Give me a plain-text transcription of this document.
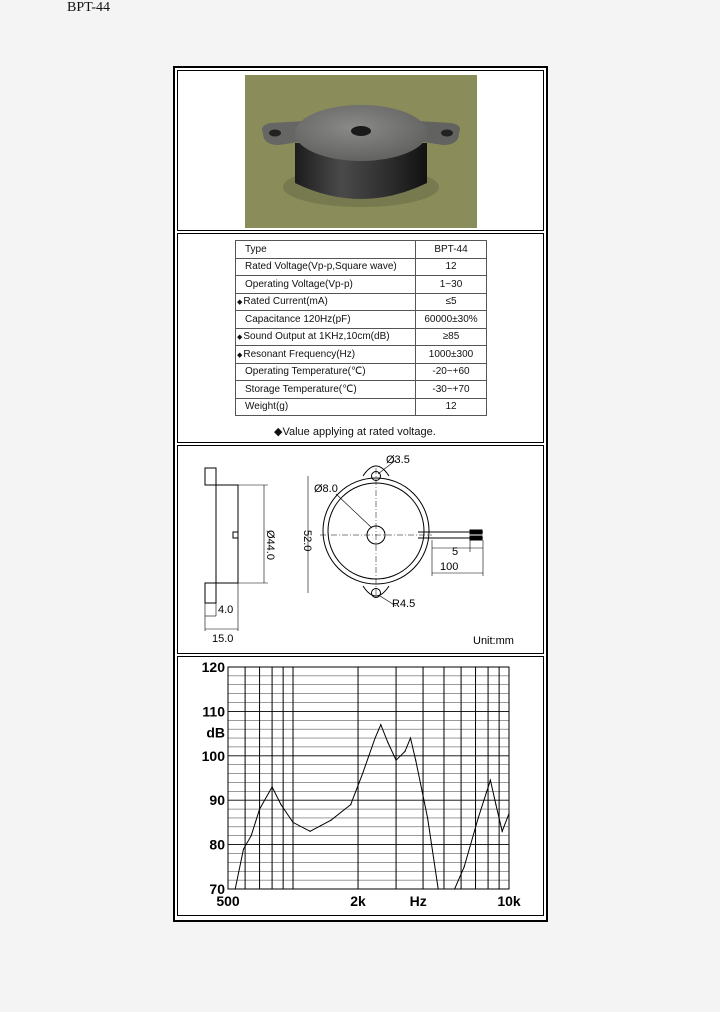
BPT-44
Type	BPT-44
Rated Voltage(Vp-p,Square wave)	12
Operating Voltage(Vp-p)	1~30
◆Rated Current(mA)	≤5
Capacitance 120Hz(pF)	60000±30%
◆Sound Output at 1KHz,10cm(dB)	≥85
◆Resonant Frequency(Hz)	1000±300
Operating Temperature(℃)	-20~+60
Storage Temperature(℃)	-30~+70
Weight(g)	12
◆Value applying at rated voltage.
Ø3.5
Ø8.0
Ø44.0 52.0
5
100
R4.5
4.0
15.0	Unit:mm
70
80
90
100
110
120
dB
500	2k	10k
Hz
